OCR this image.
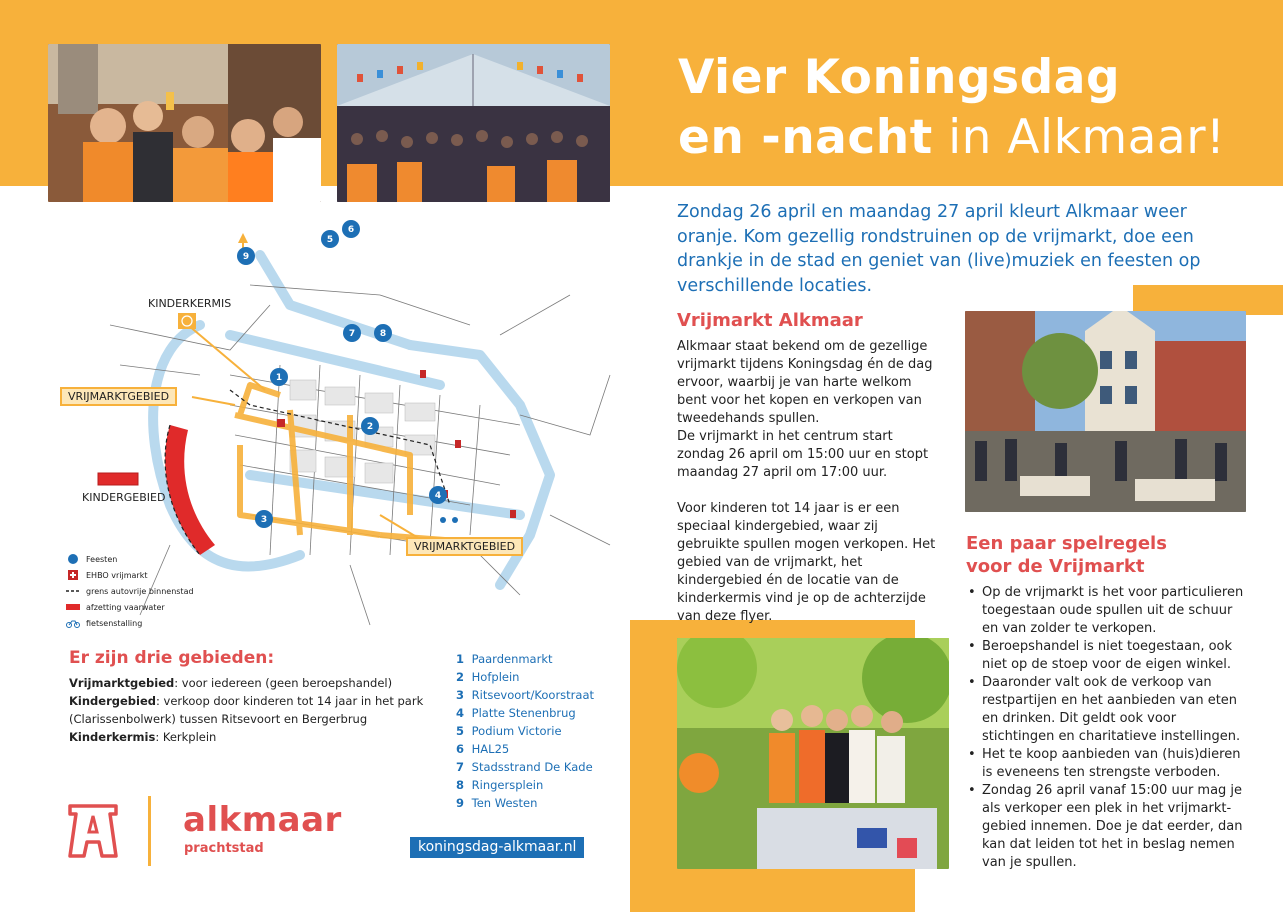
Vier Koningsdag
en -nacht in Alkmaar!
Zondag 26 april en maandag 27 april kleurt Alkmaar weer oranje. Kom gezellig rondstruinen op de vrijmarkt, doe een drankje in de stad en geniet van (live)muziek en feesten op verschillende locaties.
Vrijmarkt Alkmaar
Alkmaar staat bekend om de gezellige vrijmarkt tijdens Koningsdag én de dag ervoor, waarbij je van harte welkom bent voor het kopen en verkopen van tweedehands spullen.
De vrijmarkt in het centrum start zondag 26 april om 15:00 uur en stopt maandag 27 april om 17:00 uur.
Voor kinderen tot 14 jaar is er een speciaal kindergebied, waar zij gebruikte spullen mogen verkopen. Het gebied van de vrijmarkt, het kindergebied én de locatie van de kinderkermis vind je op de achterzijde van deze flyer.
Een paar spelregels
voor de Vrijmarkt
• Op de vrijmarkt is het voor particulieren toegestaan oude spullen uit de schuur en van zolder te verkopen.
• Beroepshandel is niet toegestaan, ook niet op de stoep voor de eigen winkel.
• Daaronder valt ook de verkoop van restpartijen en het aanbieden van eten en drinken. Dit geldt ook voor stichtingen en charitatieve instellingen.
• Het te koop aanbieden van (huis)dieren is eveneens ten strengste verboden.
• Zondag 26 april vanaf 15:00 uur mag je als verkoper een plek in het vrijmarkt-gebied innemen. Doe je dat eerder, dan kan dat leiden tot het in beslag nemen van je spullen.
9
5
6
7	8
1
2
4
3
KINDERKERMIS
VRIJMARKTGEBIED
KINDERGEBIED
VRIJMARKTGEBIED
Feesten
EHBO vrijmarkt
grens autovrije binnenstad
afzetting vaarwater
fietsenstalling
Er zijn drie gebieden:
Vrijmarktgebied: voor iedereen (geen beroepshandel)
Kindergebied: verkoop door kinderen tot 14 jaar in het park (Clarissenbolwerk) tussen Ritsevoort en Bergerbrug
Kinderkermis: Kerkplein
1 Paardenmarkt
2 Hofplein
3 Ritsevoort/Koorstraat
4 Platte Stenenbrug
5 Podium Victorie
6 HAL25
7 Stadsstrand De Kade
8 Ringersplein
9 Ten Westen
alkmaar
prachtstad	koningsdag-alkmaar.nl
